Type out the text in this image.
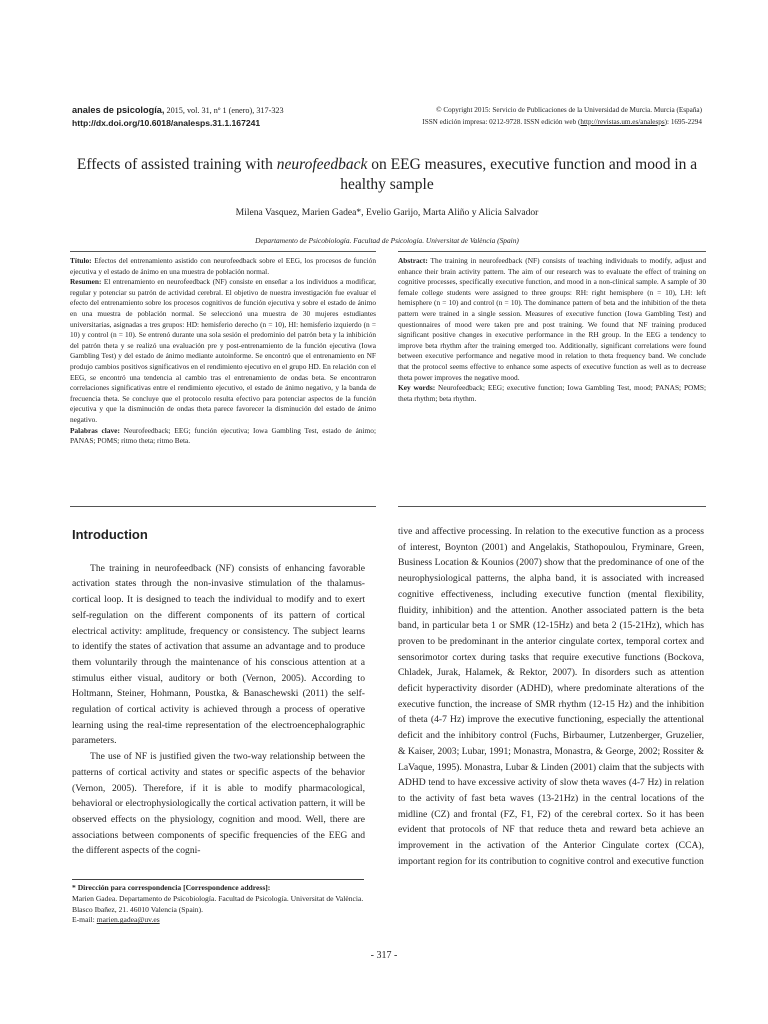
anales de psicología, 2015, vol. 31, nº 1 (enero), 317-323
http://dx.doi.org/10.6018/analesps.31.1.167241
© Copyright 2015: Servicio de Publicaciones de la Universidad de Murcia. Murcia (España)
ISSN edición impresa: 0212-9728. ISSN edición web (http://revistas.um.es/analesps): 1695-2294
Effects of assisted training with neurofeedback on EEG measures, executive function and mood in a healthy sample
Milena Vasquez, Marien Gadea*, Evelio Garijo, Marta Aliño y Alicia Salvador
Departamento de Psicobiología. Facultad de Psicología. Universitat de València (Spain)

Título: Efectos del entrenamiento asistido con neurofeedback sobre el EEG, los procesos de función ejecutiva y el estado de ánimo en una muestra de población normal.

Resumen: El entrenamiento en neurofeedback (NF) consiste en enseñar a los individuos a modificar, regular y potenciar su patrón de actividad cerebral. El objetivo de nuestra investigación fue evaluar el efecto del entrenamiento sobre los procesos cognitivos de función ejecutiva y sobre el estado de ánimo en una muestra de población normal. Se seleccionó una muestra de 30 mujeres estudiantes universitarias, asignadas a tres grupos: HD: hemisferio derecho (n = 10), HI: hemisferio izquierdo (n = 10) y control (n = 10). Se entrenó durante una sola sesión el predominio del patrón beta y la inhibición del patrón theta y se realizó una evaluación pre y post-entrenamiento de la función ejecutiva (Iowa Gambling Test) y del estado de ánimo mediante autoinforme. Se encontró que el entrenamiento en NF produjo cambios positivos significativos en el rendimiento ejecutivo en el grupo HD. En relación con el EEG, se encontró una tendencia al cambio tras el entrenamiento de ondas beta. Se encontraron correlaciones significativas entre el rendimiento ejecutivo, el estado de ánimo negativo, y la banda de frecuencia theta. Se concluye que el protocolo resulta efectivo para potenciar aspectos de la función ejecutiva y que la disminución de ondas theta parece favorecer la disminución del estado de ánimo negativo.

Palabras clave: Neurofeedback; EEG; función ejecutiva; Iowa Gambling Test, estado de ánimo; PANAS; POMS; ritmo theta; ritmo Beta.

Abstract: The training in neurofeedback (NF) consists of teaching individuals to modify, adjust and enhance their brain activity pattern. The aim of our research was to evaluate the effect of training on cognitive processes, specifically executive function, and mood in a non-clinical sample. A sample of 30 female college students were assigned to three groups: RH: right hemisphere (n = 10), LH: left hemisphere (n = 10) and control (n = 10). The dominance pattern of beta and the inhibition of the theta pattern were trained in a single session. Measures of executive function (Iowa Gambling Test) and questionnaires of mood were taken pre and post training. We found that NF training produced significant positive changes in executive performance in the RH group. In the EEG a tendency to improve beta rhythm after the training emerged too. Additionally, significant correlations were found between executive performance and negative mood in relation to theta frequency band. We conclude that the protocol seems effective to enhance some aspects of executive function as well as to decrease theta power improves the negative mood.

Key words: Neurofeedback; EEG; executive function; Iowa Gambling Test, mood; PANAS; POMS; theta rhythm; beta rhythm.

Introduction

The training in neurofeedback (NF) consists of enhancing favorable activation states through the non-invasive stimulation of the thalamus-cortical loop. It is designed to teach the individual to modify and to exert self-regulation on the different components of its pattern of cortical electrical activity: amplitude, frequency or consistency. The subject learns to identify the states of activation that assume an advantage and to produce them voluntarily through the maintenance of his conscious attention at a stimulus either visual, auditory or both (Vernon, 2005). According to Holtmann, Steiner, Hohmann, Poustka, & Banaschewski (2011) the self-regulation of cortical activity is achieved through a process of operative learning using the real-time representation of the electroencephalographic parameters.

The use of NF is justified given the two-way relationship between the patterns of cortical activity and states or specific aspects of the behavior (Vernon, 2005). Therefore, if it is able to modify pharmacological, behavioral or electrophysiologically the cortical activation pattern, it will be observed effects on the physiology, cognition and mood. Well, there are associations between components of specific frequencies of the EEG and the different aspects of the cogni-

tive and affective processing. In relation to the executive function as a process of interest, Boynton (2001) and Angelakis, Stathopoulou, Fryminare, Green, Business Location & Kounios (2007) show that the predominance of one of the neurophysiological patterns, the alpha band, it is associated with increased cognitive effectiveness, including executive function (mental flexibility, fluidity, inhibition) and the attention. Another associated pattern is the beta band, in particular beta 1 or SMR (12-15Hz) and beta 2 (15-21Hz), which has proven to be predominant in the anterior cingulate cortex, temporal cortex and sensorimotor cortex during tasks that require executive functions (Bockova, Chladek, Jurak, Halamek, & Rektor, 2007). In disorders such as attention deficit hyperactivity disorder (ADHD), where predominate alterations of the executive function, the increase of SMR rhythm (12-15 Hz) and the inhibition of theta (4-7 Hz) improve the executive functioning, especially the attentional deficit and the inhibitory control (Fuchs, Birbaumer, Lutzenberger, Gruzelier, & Kaiser, 2003; Lubar, 1991; Monastra, Monastra, & George, 2002; Rossiter & LaVaque, 1995). Monastra, Lubar & Linden (2001) claim that the subjects with ADHD tend to have excessive activity of slow theta waves (4-7 Hz) in relation to the activity of fast beta waves (13-21Hz) in the central locations of the midline (CZ) and frontal (FZ, F1, F2) of the cerebral cortex. So it has been evident that protocols of NF that reduce theta and reward beta achieve an improvement in the activation of the Anterior Cingulate cortex (CCA), important region for its contribution to cognitive control and executive function

* Dirección para correspondencia [Correspondence address]:
Marien Gadea. Departamento de Psicobiología. Facultad de Psicología. Universitat de València. Blasco Ibañez, 21. 46010 Valencia (Spain).
E-mail: marien.gadea@uv.es
- 317 -
